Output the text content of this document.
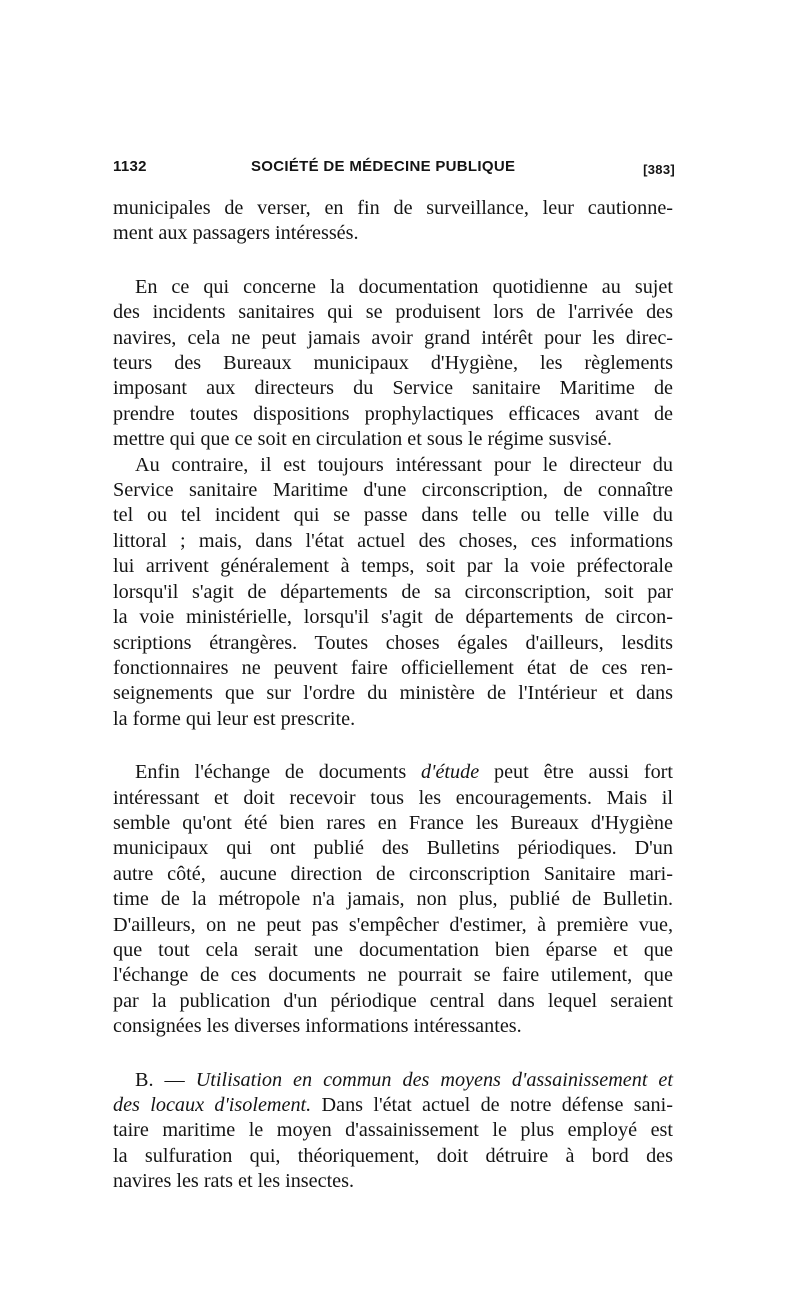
1132	SOCIÉTÉ DE MÉDECINE PUBLIQUE	[383]
municipales de verser, en fin de surveillance, leur cautionne-
ment aux passagers intéressés.
En ce qui concerne la documentation quotidienne au sujet
des incidents sanitaires qui se produisent lors de l'arrivée des
navires, cela ne peut jamais avoir grand intérêt pour les direc-
teurs des Bureaux municipaux d'Hygiène, les règlements
imposant aux directeurs du Service sanitaire Maritime de
prendre toutes dispositions prophylactiques efficaces avant de
mettre qui que ce soit en circulation et sous le régime susvisé.
Au contraire, il est toujours intéressant pour le directeur du
Service sanitaire Maritime d'une circonscription, de connaître
tel ou tel incident qui se passe dans telle ou telle ville du
littoral ; mais, dans l'état actuel des choses, ces informations
lui arrivent généralement à temps, soit par la voie préfectorale
lorsqu'il s'agit de départements de sa circonscription, soit par
la voie ministérielle, lorsqu'il s'agit de départements de circon-
scriptions étrangères. Toutes choses égales d'ailleurs, lesdits
fonctionnaires ne peuvent faire officiellement état de ces ren-
seignements que sur l'ordre du ministère de l'Intérieur et dans
la forme qui leur est prescrite.
Enfin l'échange de documents d'étude peut être aussi fort
intéressant et doit recevoir tous les encouragements. Mais il
semble qu'ont été bien rares en France les Bureaux d'Hygiène
municipaux qui ont publié des Bulletins périodiques. D'un
autre côté, aucune direction de circonscription Sanitaire mari-
time de la métropole n'a jamais, non plus, publié de Bulletin.
D'ailleurs, on ne peut pas s'empêcher d'estimer, à première vue,
que tout cela serait une documentation bien éparse et que
l'échange de ces documents ne pourrait se faire utilement, que
par la publication d'un périodique central dans lequel seraient
consignées les diverses informations intéressantes.
B. — Utilisation en commun des moyens d'assainissement et
des locaux d'isolement. Dans l'état actuel de notre défense sani-
taire maritime le moyen d'assainissement le plus employé est
la sulfuration qui, théoriquement, doit détruire à bord des
navires les rats et les insectes.
